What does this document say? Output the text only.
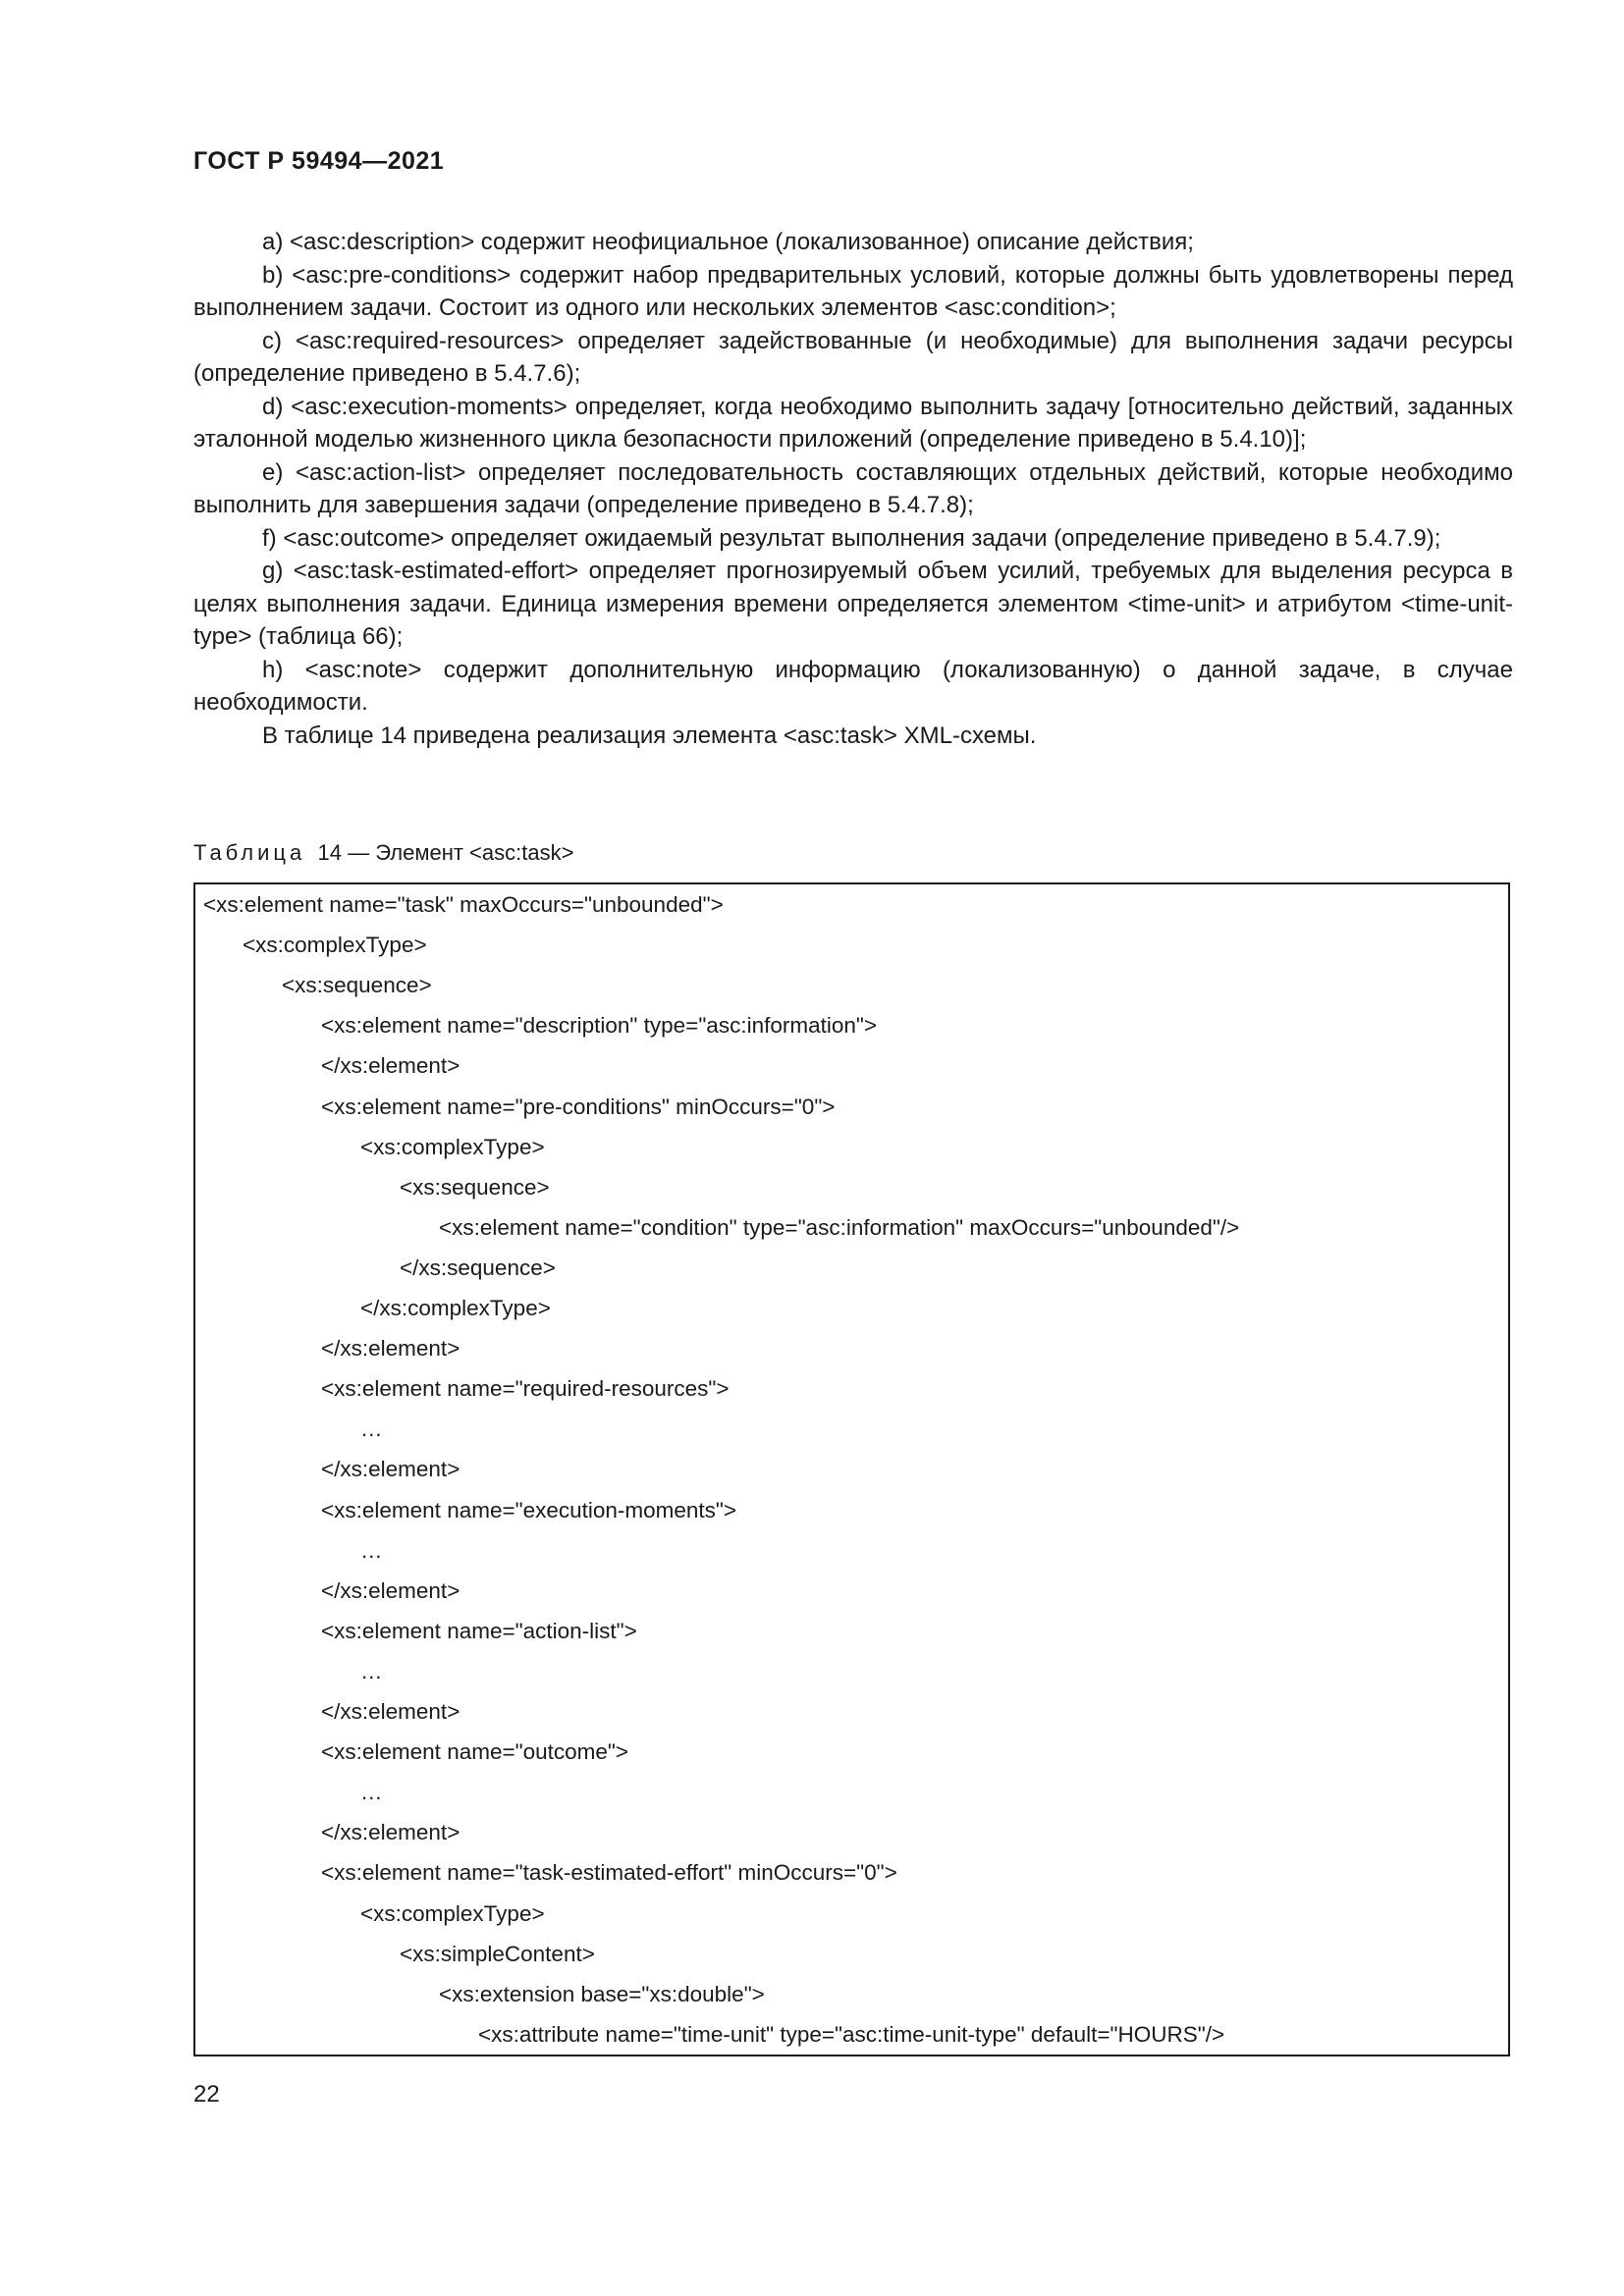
ГОСТ Р 59494—2021

а) <asc:description> содержит неофициальное (локализованное) описание действия;

b) <asc:pre-conditions> содержит набор предварительных условий, которые должны быть удовлетворены перед выполнением задачи. Состоит из одного или нескольких элементов <asc:condition>;

с) <asc:required-resources> определяет задействованные (и необходимые) для выполнения задачи ресурсы (определение приведено в 5.4.7.6);

d) <asc:execution-moments> определяет, когда необходимо выполнить задачу [относительно действий, заданных эталонной моделью жизненного цикла безопасности приложений (определение приведено в 5.4.10)];

е) <asc:action-list> определяет последовательность составляющих отдельных действий, которые необходимо выполнить для завершения задачи (определение приведено в 5.4.7.8);

f) <asc:outcome> определяет ожидаемый результат выполнения задачи (определение приведено в 5.4.7.9);

g) <asc:task-estimated-effort> определяет прогнозируемый объем усилий, требуемых для выделения ресурса в целях выполнения задачи. Единица измерения времени определяется элементом <time-unit> и атрибутом <time-unit-type> (таблица 66);

h) <asc:note> содержит дополнительную информацию (локализованную) о данной задаче, в случае необходимости.

В таблице 14 приведена реализация элемента <asc:task> XML-схемы.

Таблица 14 — Элемент <asc:task>
<xs:element name="task" maxOccurs="unbounded">
<xs:complexType>
<xs:sequence>
<xs:element name="description" type="asc:information">
</xs:element>
<xs:element name="pre-conditions" minOccurs="0">
<xs:complexType>
<xs:sequence>
<xs:element name="condition" type="asc:information" maxOccurs="unbounded"/>
</xs:sequence>
</xs:complexType>
</xs:element>
<xs:element name="required-resources">
…
</xs:element>
<xs:element name="execution-moments">
…
</xs:element>
<xs:element name="action-list">
…
</xs:element>
<xs:element name="outcome">
…
</xs:element>
<xs:element name="task-estimated-effort" minOccurs="0">
<xs:complexType>
<xs:simpleContent>
<xs:extension base="xs:double">
<xs:attribute name="time-unit" type="asc:time-unit-type" default="HOURS"/>
22
